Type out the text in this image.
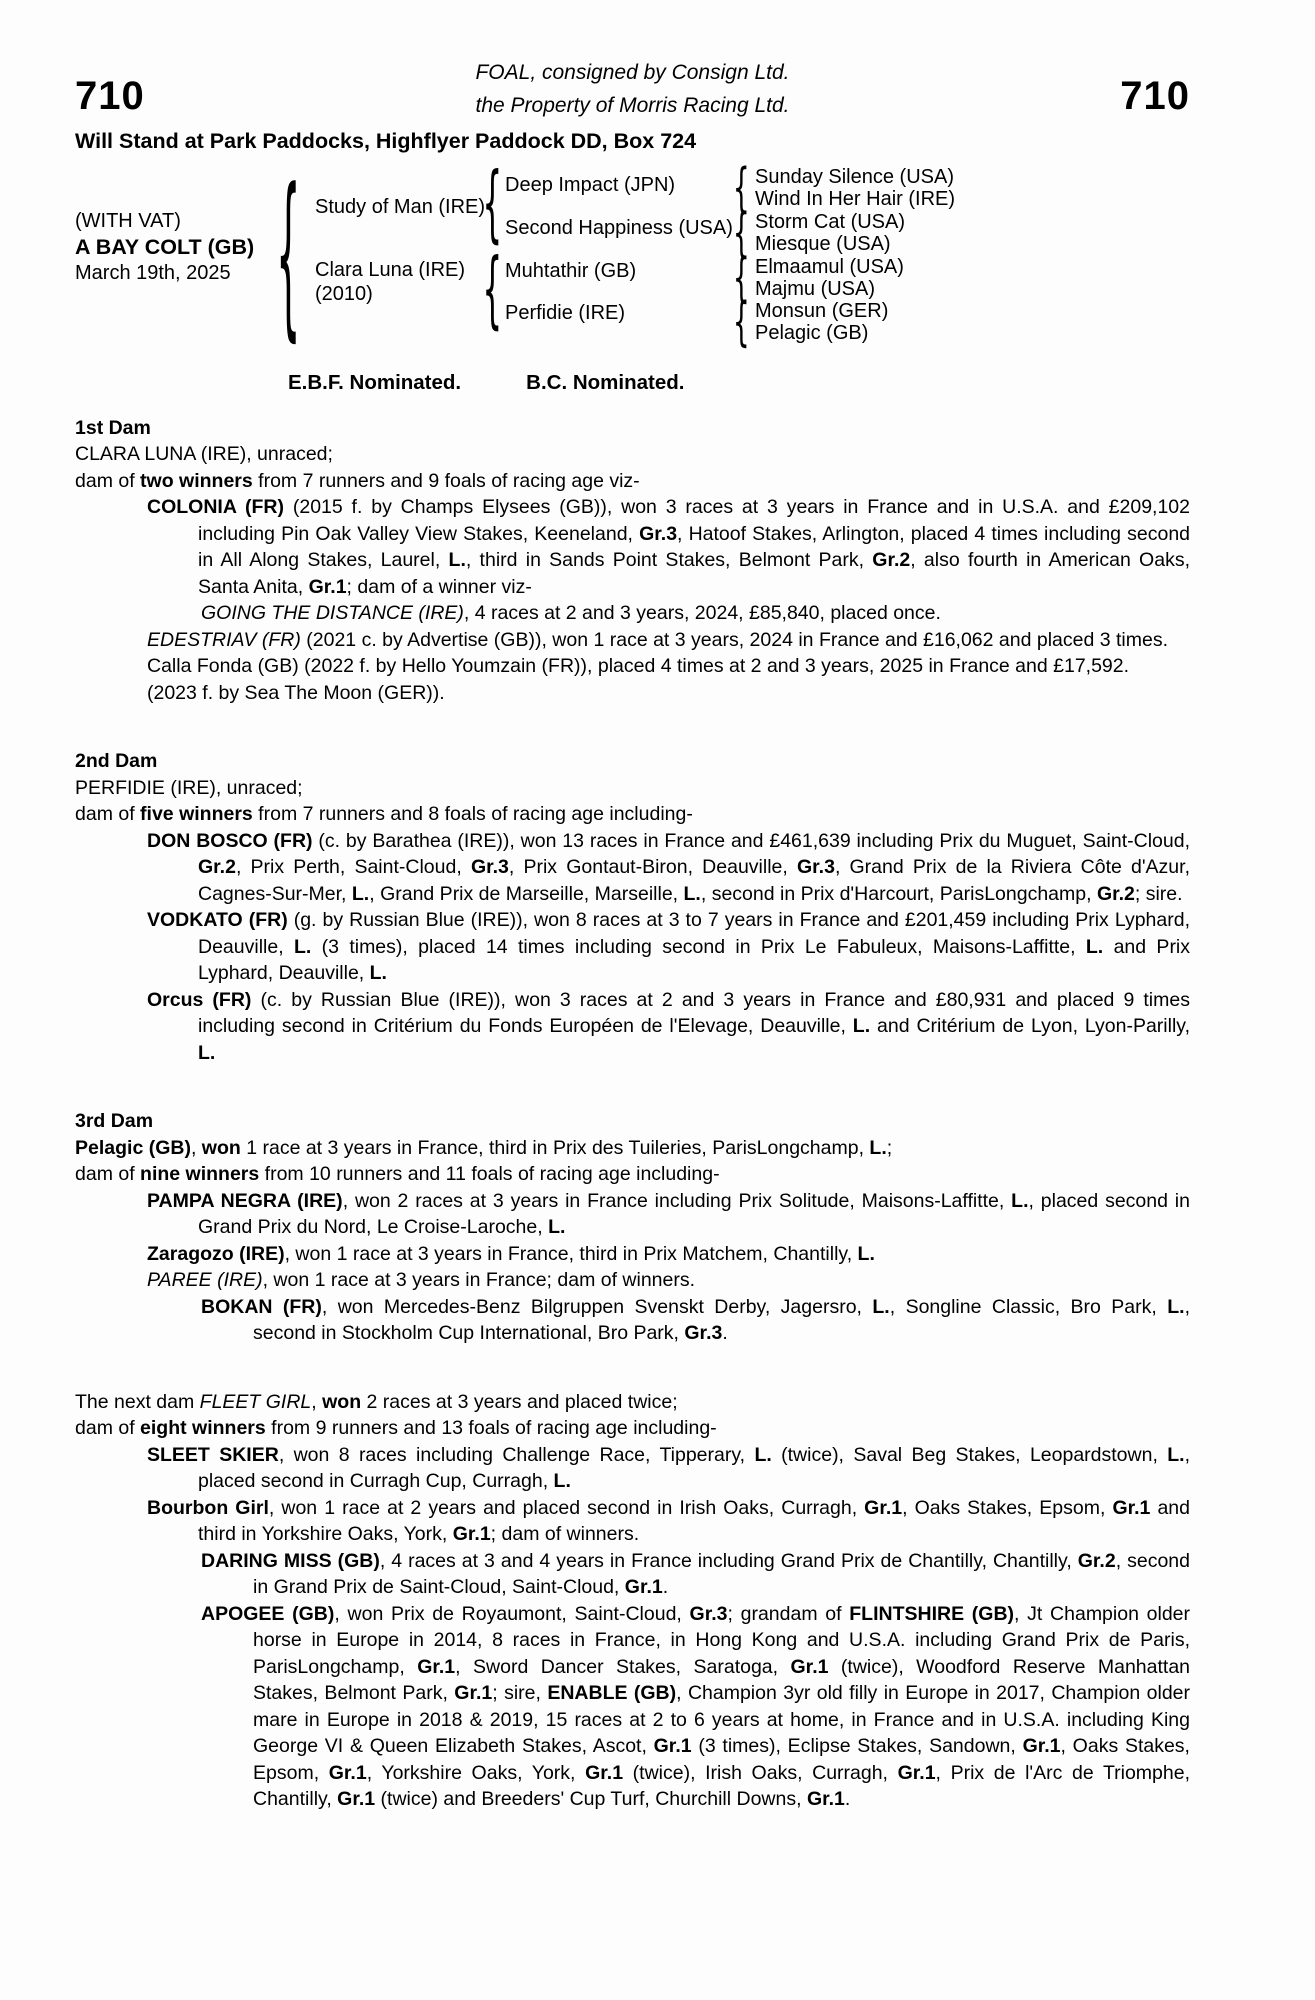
710
FOAL, consigned by Consign Ltd.
the Property of Morris Racing Ltd.	710
Will Stand at Park Paddocks, Highflyer Paddock DD, Box 724
(WITH VAT)
A BAY COLT (GB)
March 19th, 2025
{
{
{
{
{
{
{
Study of Man (IRE)
Clara Luna (IRE)
(2010)
Deep Impact (JPN)
Second Happiness (USA)
Muhtathir (GB)
Perfidie (IRE)
Sunday Silence (USA)
Wind In Her Hair (IRE)
Storm Cat (USA)
Miesque (USA)
Elmaamul (USA)
Majmu (USA)
Monsun (GER)
Pelagic (GB)
E.B.F. Nominated.	B.C. Nominated.
1st Dam
CLARA LUNA (IRE), unraced;
dam of two winners from 7 runners and 9 foals of racing age viz-
COLONIA (FR) (2015 f. by Champs Elysees (GB)), won 3 races at 3 years in France and in U.S.A. and £209,102 including Pin Oak Valley View Stakes, Keeneland, Gr.3, Hatoof Stakes, Arlington, placed 4 times including second in All Along Stakes, Laurel, L., third in Sands Point Stakes, Belmont Park, Gr.2, also fourth in American Oaks, Santa Anita, Gr.1; dam of a winner viz-
GOING THE DISTANCE (IRE), 4 races at 2 and 3 years, 2024, £85,840, placed once.
EDESTRIAV (FR) (2021 c. by Advertise (GB)), won 1 race at 3 years, 2024 in France and £16,062 and placed 3 times.
Calla Fonda (GB) (2022 f. by Hello Youmzain (FR)), placed 4 times at 2 and 3 years, 2025 in France and £17,592.
(2023 f. by Sea The Moon (GER)).
2nd Dam
PERFIDIE (IRE), unraced;
dam of five winners from 7 runners and 8 foals of racing age including-
DON BOSCO (FR) (c. by Barathea (IRE)), won 13 races in France and £461,639 including Prix du Muguet, Saint-Cloud, Gr.2, Prix Perth, Saint-Cloud, Gr.3, Prix Gontaut-Biron, Deauville, Gr.3, Grand Prix de la Riviera Côte d'Azur, Cagnes-Sur-Mer, L., Grand Prix de Marseille, Marseille, L., second in Prix d'Harcourt, ParisLongchamp, Gr.2; sire.
VODKATO (FR) (g. by Russian Blue (IRE)), won 8 races at 3 to 7 years in France and £201,459 including Prix Lyphard, Deauville, L. (3 times), placed 14 times including second in Prix Le Fabuleux, Maisons-Laffitte, L. and Prix Lyphard, Deauville, L.
Orcus (FR) (c. by Russian Blue (IRE)), won 3 races at 2 and 3 years in France and £80,931 and placed 9 times including second in Critérium du Fonds Européen de l'Elevage, Deauville, L. and Critérium de Lyon, Lyon-Parilly, L.
3rd Dam
Pelagic (GB), won 1 race at 3 years in France, third in Prix des Tuileries, ParisLongchamp, L.;
dam of nine winners from 10 runners and 11 foals of racing age including-
PAMPA NEGRA (IRE), won 2 races at 3 years in France including Prix Solitude, Maisons-Laffitte, L., placed second in Grand Prix du Nord, Le Croise-Laroche, L.
Zaragozo (IRE), won 1 race at 3 years in France, third in Prix Matchem, Chantilly, L.
PAREE (IRE), won 1 race at 3 years in France; dam of winners.
BOKAN (FR), won Mercedes-Benz Bilgruppen Svenskt Derby, Jagersro, L., Songline Classic, Bro Park, L., second in Stockholm Cup International, Bro Park, Gr.3.
The next dam FLEET GIRL, won 2 races at 3 years and placed twice;
dam of eight winners from 9 runners and 13 foals of racing age including-
SLEET SKIER, won 8 races including Challenge Race, Tipperary, L. (twice), Saval Beg Stakes, Leopardstown, L., placed second in Curragh Cup, Curragh, L.
Bourbon Girl, won 1 race at 2 years and placed second in Irish Oaks, Curragh, Gr.1, Oaks Stakes, Epsom, Gr.1 and third in Yorkshire Oaks, York, Gr.1; dam of winners.
DARING MISS (GB), 4 races at 3 and 4 years in France including Grand Prix de Chantilly, Chantilly, Gr.2, second in Grand Prix de Saint-Cloud, Saint-Cloud, Gr.1.
APOGEE (GB), won Prix de Royaumont, Saint-Cloud, Gr.3; grandam of FLINTSHIRE (GB), Jt Champion older horse in Europe in 2014, 8 races in France, in Hong Kong and U.S.A. including Grand Prix de Paris, ParisLongchamp, Gr.1, Sword Dancer Stakes, Saratoga, Gr.1 (twice), Woodford Reserve Manhattan Stakes, Belmont Park, Gr.1; sire, ENABLE (GB), Champion 3yr old filly in Europe in 2017, Champion older mare in Europe in 2018 & 2019, 15 races at 2 to 6 years at home, in France and in U.S.A. including King George VI & Queen Elizabeth Stakes, Ascot, Gr.1 (3 times), Eclipse Stakes, Sandown, Gr.1, Oaks Stakes, Epsom, Gr.1, Yorkshire Oaks, York, Gr.1 (twice), Irish Oaks, Curragh, Gr.1, Prix de l'Arc de Triomphe, Chantilly, Gr.1 (twice) and Breeders' Cup Turf, Churchill Downs, Gr.1.
